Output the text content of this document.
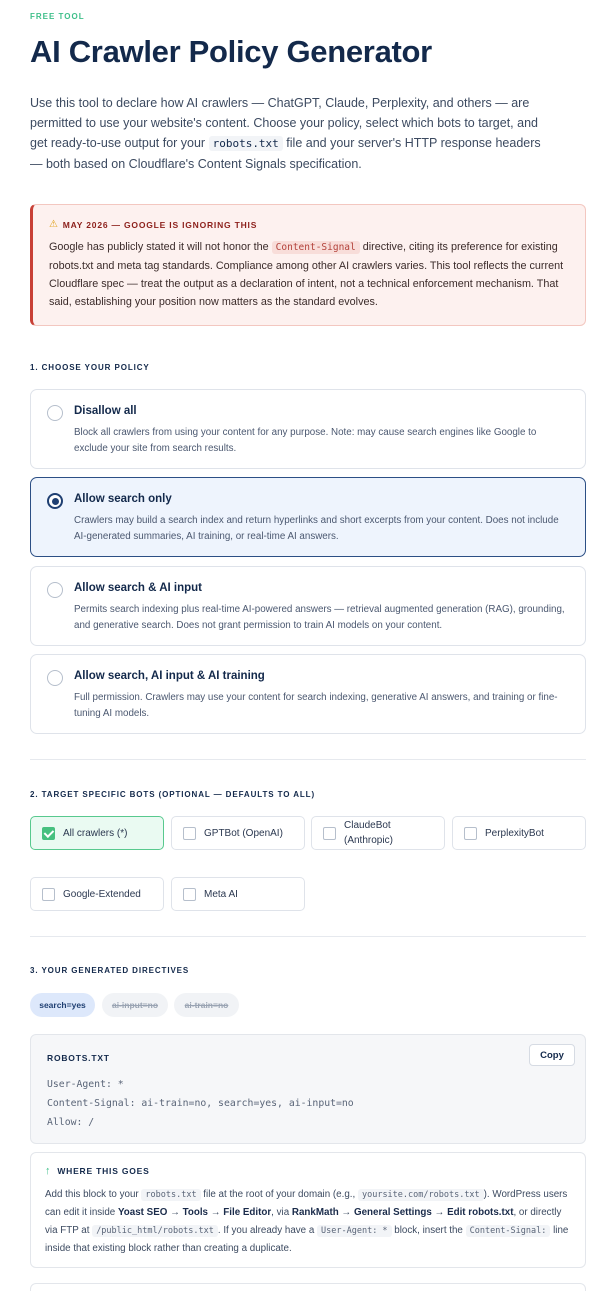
FREE TOOL
AI Crawler Policy Generator

Use this tool to declare how AI crawlers — ChatGPT, Claude, Perplexity, and others — are permitted to use your website's content. Choose your policy, select which bots to target, and get ready-to-use output for your robots.txt file and your server's HTTP response headers — both based on Cloudflare's Content Signals specification.

⚠ MAY 2026 — GOOGLE IS IGNORING THIS

Google has publicly stated it will not honor the Content-Signal directive, citing its preference for existing robots.txt and meta tag standards. Compliance among other AI crawlers varies. This tool reflects the current Cloudflare spec — treat the output as a declaration of intent, not a technical enforcement mechanism. That said, establishing your position now matters as the standard evolves.

1. CHOOSE YOUR POLICY
Disallow all
Block all crawlers from using your content for any purpose. Note: may cause search engines like Google to exclude your site from search results.
Allow search only
Crawlers may build a search index and return hyperlinks and short excerpts from your content. Does not include AI-generated summaries, AI training, or real-time AI answers.
Allow search & AI input
Permits search indexing plus real-time AI-powered answers — retrieval augmented generation (RAG), grounding, and generative search. Does not grant permission to train AI models on your content.
Allow search, AI input & AI training
Full permission. Crawlers may use your content for search indexing, generative AI answers, and training or fine-tuning AI models.
2. TARGET SPECIFIC BOTS (OPTIONAL — DEFAULTS TO ALL)
All crawlers (*)	GPTBot (OpenAI)
ClaudeBot (Anthropic)
PerplexityBot
Google-Extended	Meta AI
3. YOUR GENERATED DIRECTIVES
search=yes	ai-input=no	ai-train=no
ROBOTS.TXT	Copy
User-Agent: *
Content-Signal: ai-train=no, search=yes, ai-input=no
Allow: /
↑ WHERE THIS GOES

Add this block to your robots.txt file at the root of your domain (e.g., yoursite.com/robots.txt ). WordPress users can edit it inside Yoast SEO → Tools → File Editor, via RankMath → General Settings → Edit robots.txt, or directly via FTP at /public_html/robots.txt . If you already have a User-Agent: * block, insert the Content-Signal: line inside that existing block rather than creating a duplicate.
